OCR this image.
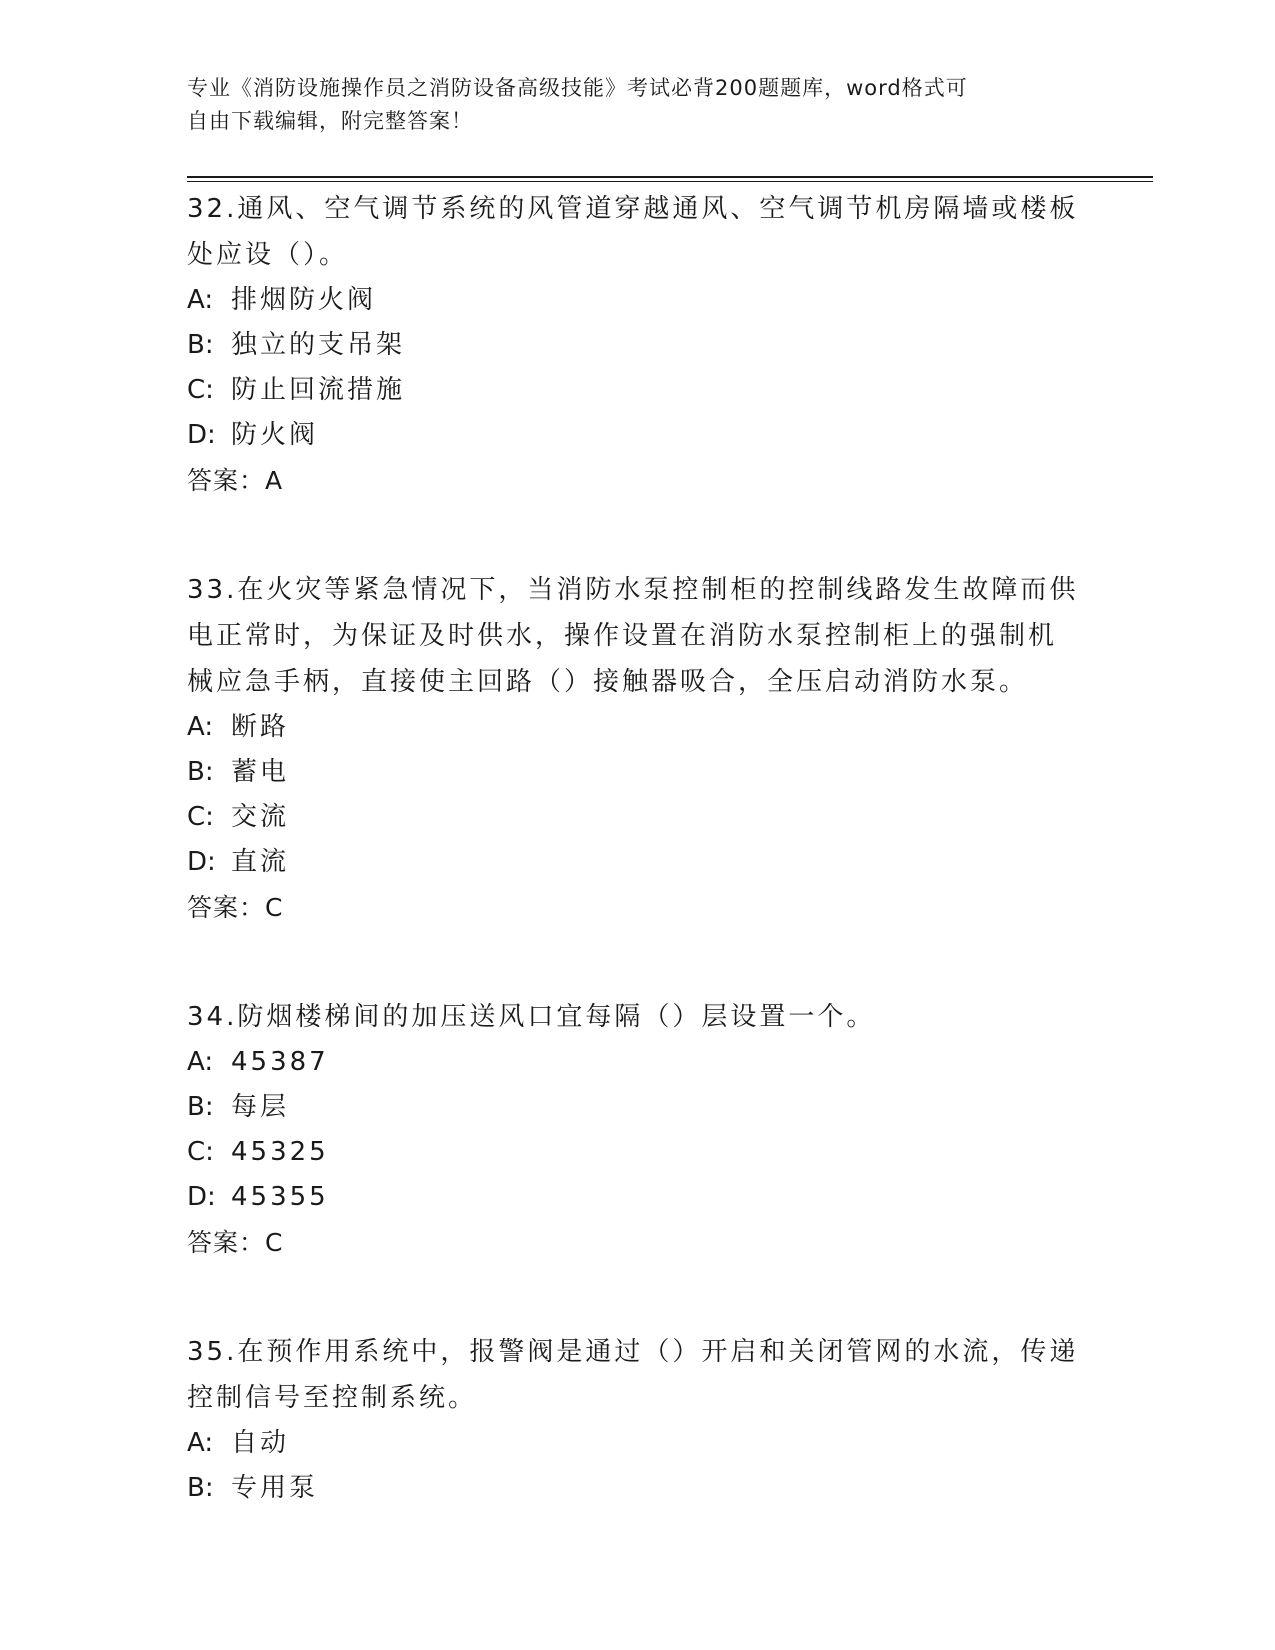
专业《消防设施操作员之消防设备高级技能》考试必背200题题库，word格式可
自由下载编辑，附完整答案！
32.通风、空气调节系统的风管道穿越通风、空气调节机房隔墙或楼板
处应设（）。
A: 排烟防火阀
B: 独立的支吊架
C: 防止回流措施
D: 防火阀
答案：A
33.在火灾等紧急情况下，当消防水泵控制柜的控制线路发生故障而供
电正常时，为保证及时供水，操作设置在消防水泵控制柜上的强制机
械应急手柄，直接使主回路（）接触器吸合，全压启动消防水泵。
A: 断路
B: 蓄电
C: 交流
D: 直流
答案：C
34.防烟楼梯间的加压送风口宜每隔（）层设置一个。
A: 45387
B: 每层
C: 45325
D: 45355
答案：C
35.在预作用系统中，报警阀是通过（）开启和关闭管网的水流，传递
控制信号至控制系统。
A: 自动
B: 专用泵
